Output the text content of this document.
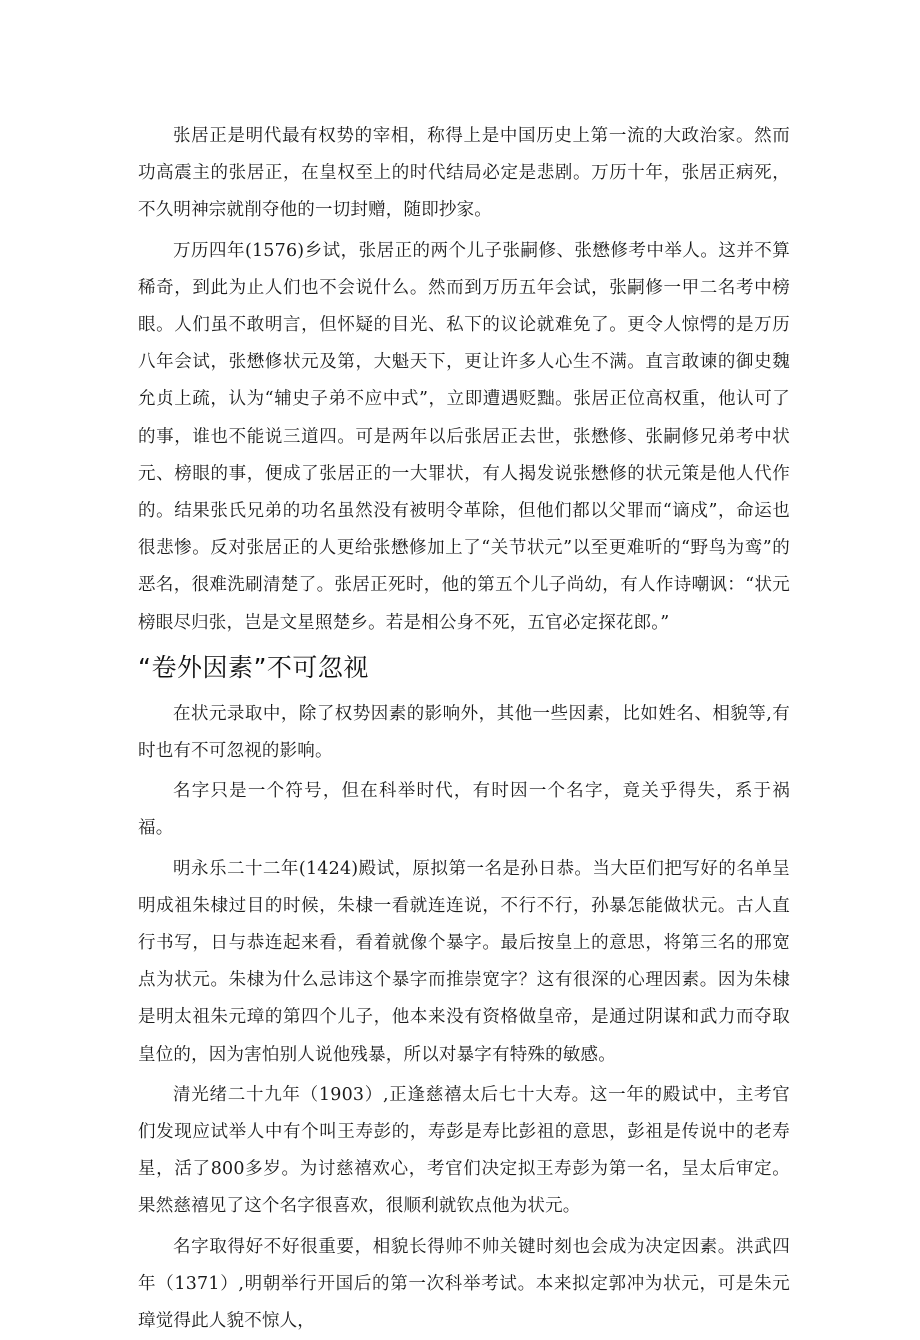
张居正是明代最有权势的宰相，称得上是中国历史上第一流的大政治家。然而功高震主的张居正，在皇权至上的时代结局必定是悲剧。万历十年，张居正病死，不久明神宗就削夺他的一切封赠，随即抄家。

万历四年(1576)乡试，张居正的两个儿子张嗣修、张懋修考中举人。这并不算稀奇，到此为止人们也不会说什么。然而到万历五年会试，张嗣修一甲二名考中榜眼。人们虽不敢明言，但怀疑的目光、私下的议论就难免了。更令人惊愕的是万历八年会试，张懋修状元及第，大魁天下，更让许多人心生不满。直言敢谏的御史魏允贞上疏，认为“辅史子弟不应中式”，立即遭遇贬黜。张居正位高权重，他认可了的事，谁也不能说三道四。可是两年以后张居正去世，张懋修、张嗣修兄弟考中状元、榜眼的事，便成了张居正的一大罪状，有人揭发说张懋修的状元策是他人代作的。结果张氏兄弟的功名虽然没有被明令革除，但他们都以父罪而“谪戍”，命运也很悲惨。反对张居正的人更给张懋修加上了“关节状元”以至更难听的“野鸟为鸾”的恶名，很难洗刷清楚了。张居正死时，他的第五个儿子尚幼，有人作诗嘲讽：“状元榜眼尽归张，岂是文星照楚乡。若是相公身不死，五官必定探花郎。”

“卷外因素”不可忽视

在状元录取中，除了权势因素的影响外，其他一些因素，比如姓名、相貌等,有时也有不可忽视的影响。

名字只是一个符号，但在科举时代，有时因一个名字，竟关乎得失，系于祸福。

明永乐二十二年(1424)殿试，原拟第一名是孙日恭。当大臣们把写好的名单呈明成祖朱棣过目的时候，朱棣一看就连连说，不行不行，孙暴怎能做状元。古人直行书写，日与恭连起来看，看着就像个暴字。最后按皇上的意思，将第三名的邢宽点为状元。朱棣为什么忌讳这个暴字而推崇宽字？这有很深的心理因素。因为朱棣是明太祖朱元璋的第四个儿子，他本来没有资格做皇帝，是通过阴谋和武力而夺取皇位的，因为害怕别人说他残暴，所以对暴字有特殊的敏感。

清光绪二十九年（1903）,正逢慈禧太后七十大寿。这一年的殿试中，主考官们发现应试举人中有个叫王寿彭的，寿彭是寿比彭祖的意思，彭祖是传说中的老寿星，活了800多岁。为讨慈禧欢心，考官们决定拟王寿彭为第一名，呈太后审定。果然慈禧见了这个名字很喜欢，很顺利就钦点他为状元。

名字取得好不好很重要，相貌长得帅不帅关键时刻也会成为决定因素。洪武四年（1371）,明朝举行开国后的第一次科举考试。本来拟定郭冲为状元，可是朱元璋觉得此人貌不惊人，
